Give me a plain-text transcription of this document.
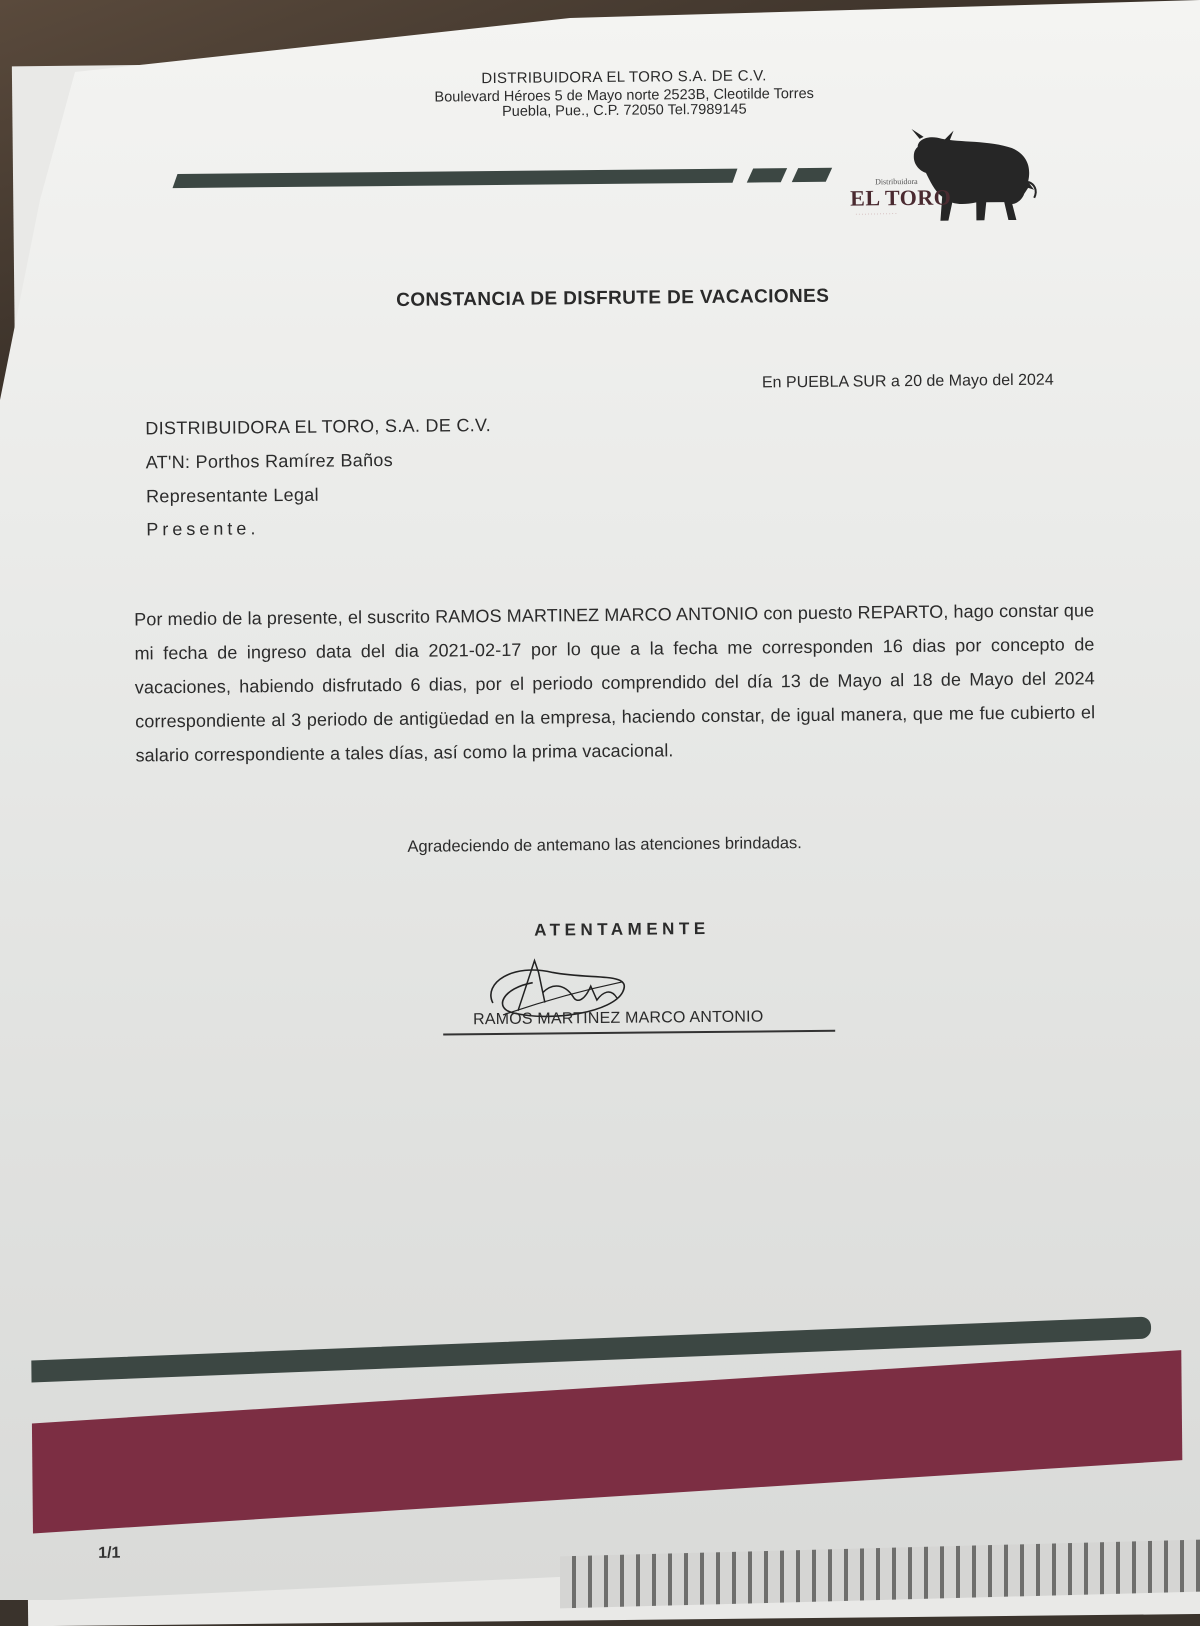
DISTRIBUIDORA EL TORO S.A. DE C.V.
Boulevard Héroes 5 de Mayo norte 2523B, Cleotilde Torres
Puebla, Pue., C.P. 72050 Tel.7989145
Distribuidora
EL TORO
· · · · · · · · · · · · · ·
CONSTANCIA DE DISFRUTE DE VACACIONES
En PUEBLA SUR a 20 de Mayo del 2024
DISTRIBUIDORA EL TORO, S.A. DE C.V.
AT'N: Porthos Ramírez Baños
Representante Legal
Presente.
Por medio de la presente, el suscrito RAMOS MARTINEZ MARCO ANTONIO con puesto REPARTO, hago constar que mi fecha de ingreso data del dia 2021-02-17 por lo que a la fecha me corresponden 16 dias por concepto de vacaciones, habiendo disfrutado 6 dias, por el periodo comprendido del día 13 de Mayo al 18 de Mayo del 2024 correspondiente al 3 periodo de antigüedad en la empresa, haciendo constar, de igual manera, que me fue cubierto el salario correspondiente a tales días, así como la prima vacacional.
Agradeciendo de antemano las atenciones brindadas.
ATENTAMENTE
RAMOS MARTINEZ MARCO ANTONIO
1/1
